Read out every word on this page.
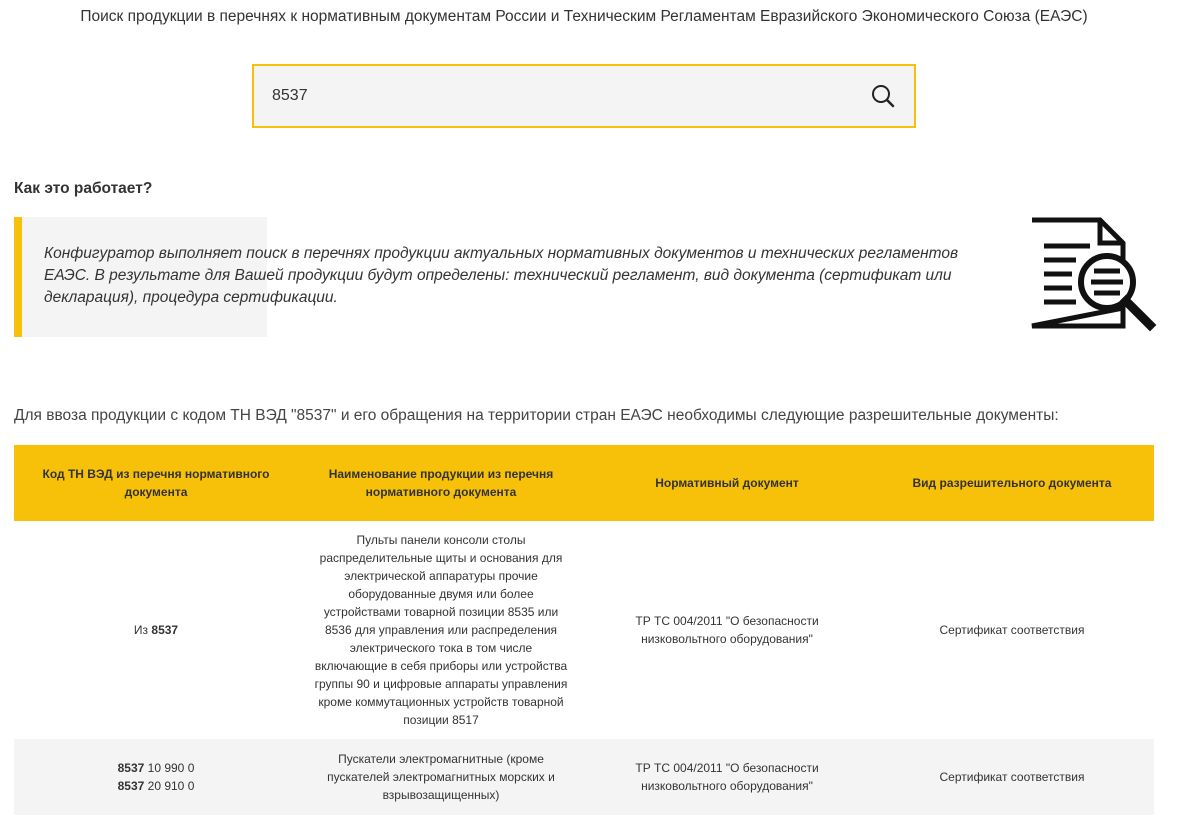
Поиск продукции в перечнях к нормативным документам России и Техническим Регламентам Евразийского Экономического Союза (ЕАЭС)
8537
Как это работает?

Конфигуратор выполняет поиск в перечнях продукции актуальных нормативных документов и технических регламентов ЕАЭС. В результате для Вашей продукции будут определены: технический регламент, вид документа (сертификат или декларация), процедура сертификации.

Для ввоза продукции с кодом ТН ВЭД "8537" и его обращения на территории стран ЕАЭС необходимы следующие разрешительные документы:
Код ТН ВЭД из перечня нормативного документа	Наименование продукции из перечня нормативного документа	Нормативный документ	Вид разрешительного документа
Из 8537	Пульты панели консоли столы распределительные щиты и основания для электрической аппаратуры прочие оборудованные двумя или более устройствами товарной позиции 8535 или 8536 для управления или распределения электрического тока в том числе включающие в себя приборы или устройства группы 90 и цифровые аппараты управления кроме коммутационных устройств товарной позиции 8517	ТР ТС 004/2011 "О безопасности низковольтного оборудования"	Сертификат соответствия

8537 10 990 0
8537 20 910 0	Пускатели электромагнитные (кроме пускателей электромагнитных морских и взрывозащищенных)	ТР ТС 004/2011 "О безопасности низковольтного оборудования"	Сертификат соответствия
